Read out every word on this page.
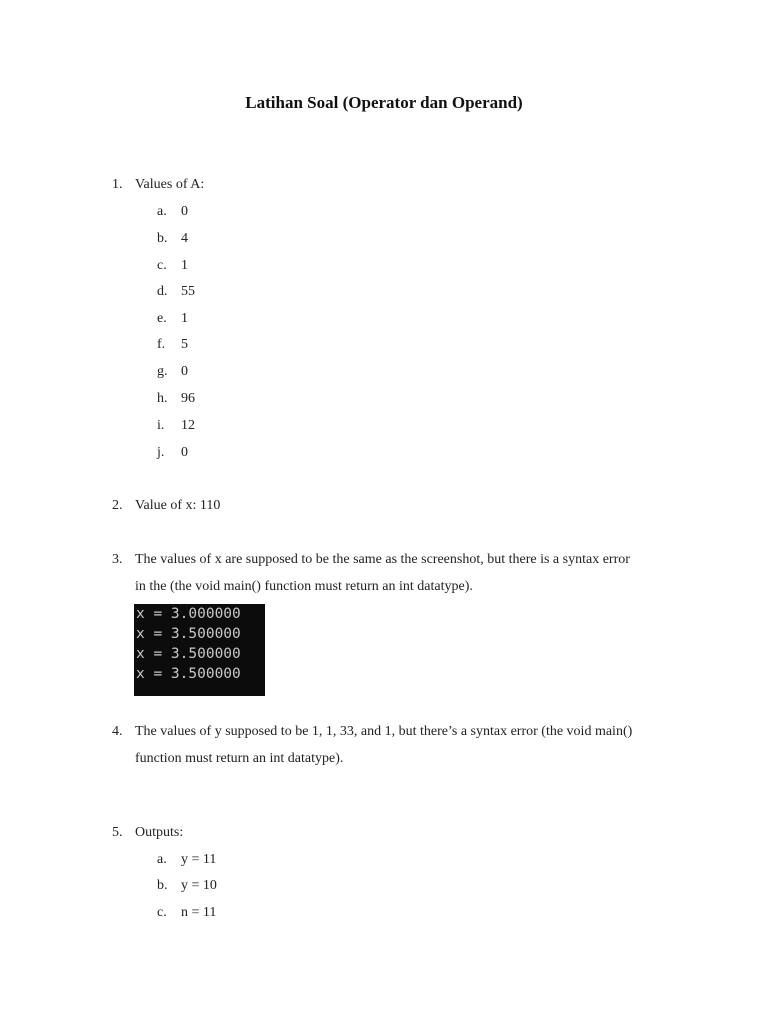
Latihan Soal (Operator dan Operand)
1. Values of A:
a. 0
b. 4
c. 1
d. 55
e. 1
f. 5
g. 0
h. 96
i. 12
j. 0
2. Value of x: 110
3. The values of x are supposed to be the same as the screenshot, but there is a syntax error
in the (the void main() function must return an int datatype).
x = 3.000000
x = 3.500000
x = 3.500000
x = 3.500000
4. The values of y supposed to be 1, 1, 33, and 1, but there’s a syntax error (the void main()
function must return an int datatype).
5. Outputs:
a. y = 11
b. y = 10
c. n = 11
